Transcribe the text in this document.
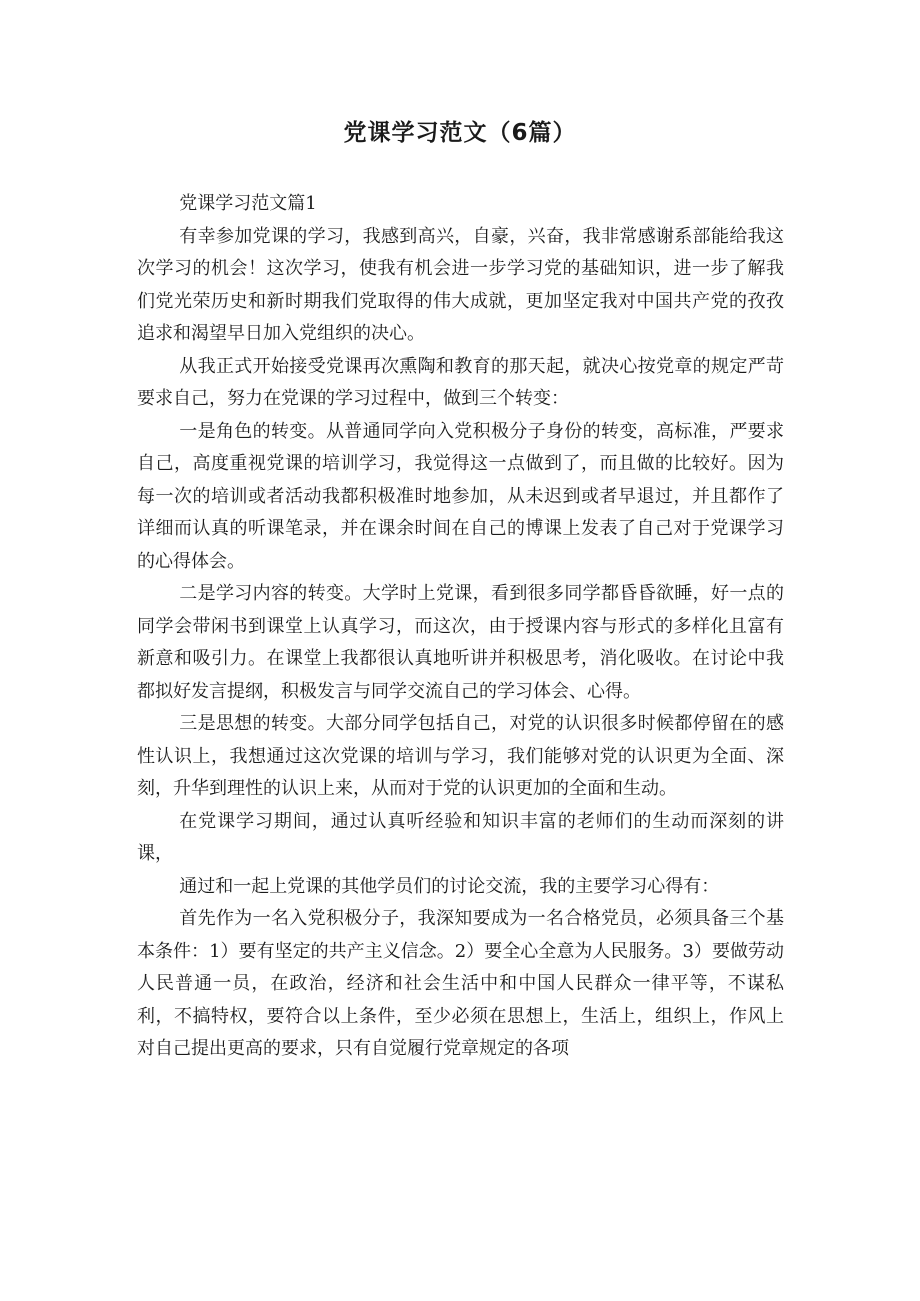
党课学习范文（6篇）

党课学习范文篇1

有幸参加党课的学习，我感到高兴，自豪，兴奋，我非常感谢系部能给我这次学习的机会！这次学习，使我有机会进一步学习党的基础知识，进一步了解我们党光荣历史和新时期我们党取得的伟大成就，更加坚定我对中国共产党的孜孜追求和渴望早日加入党组织的决心。

从我正式开始接受党课再次熏陶和教育的那天起，就决心按党章的规定严苛要求自己，努力在党课的学习过程中，做到三个转变：

一是角色的转变。从普通同学向入党积极分子身份的转变，高标准，严要求自己，高度重视党课的培训学习，我觉得这一点做到了，而且做的比较好。因为每一次的培训或者活动我都积极准时地参加，从未迟到或者早退过，并且都作了详细而认真的听课笔录，并在课余时间在自己的博课上发表了自己对于党课学习的心得体会。

二是学习内容的转变。大学时上党课，看到很多同学都昏昏欲睡，好一点的同学会带闲书到课堂上认真学习，而这次，由于授课内容与形式的多样化且富有新意和吸引力。在课堂上我都很认真地听讲并积极思考，消化吸收。在讨论中我都拟好发言提纲，积极发言与同学交流自己的学习体会、心得。

三是思想的转变。大部分同学包括自己，对党的认识很多时候都停留在的感性认识上，我想通过这次党课的培训与学习，我们能够对党的认识更为全面、深刻，升华到理性的认识上来，从而对于党的认识更加的全面和生动。

在党课学习期间，通过认真听经验和知识丰富的老师们的生动而深刻的讲课，

通过和一起上党课的其他学员们的讨论交流，我的主要学习心得有：

首先作为一名入党积极分子，我深知要成为一名合格党员，必须具备三个基本条件：1）要有坚定的共产主义信念。2）要全心全意为人民服务。3）要做劳动人民普通一员，在政治，经济和社会生活中和中国人民群众一律平等，不谋私利，不搞特权，要符合以上条件，至少必须在思想上，生活上，组织上，作风上对自己提出更高的要求，只有自觉履行党章规定的各项
